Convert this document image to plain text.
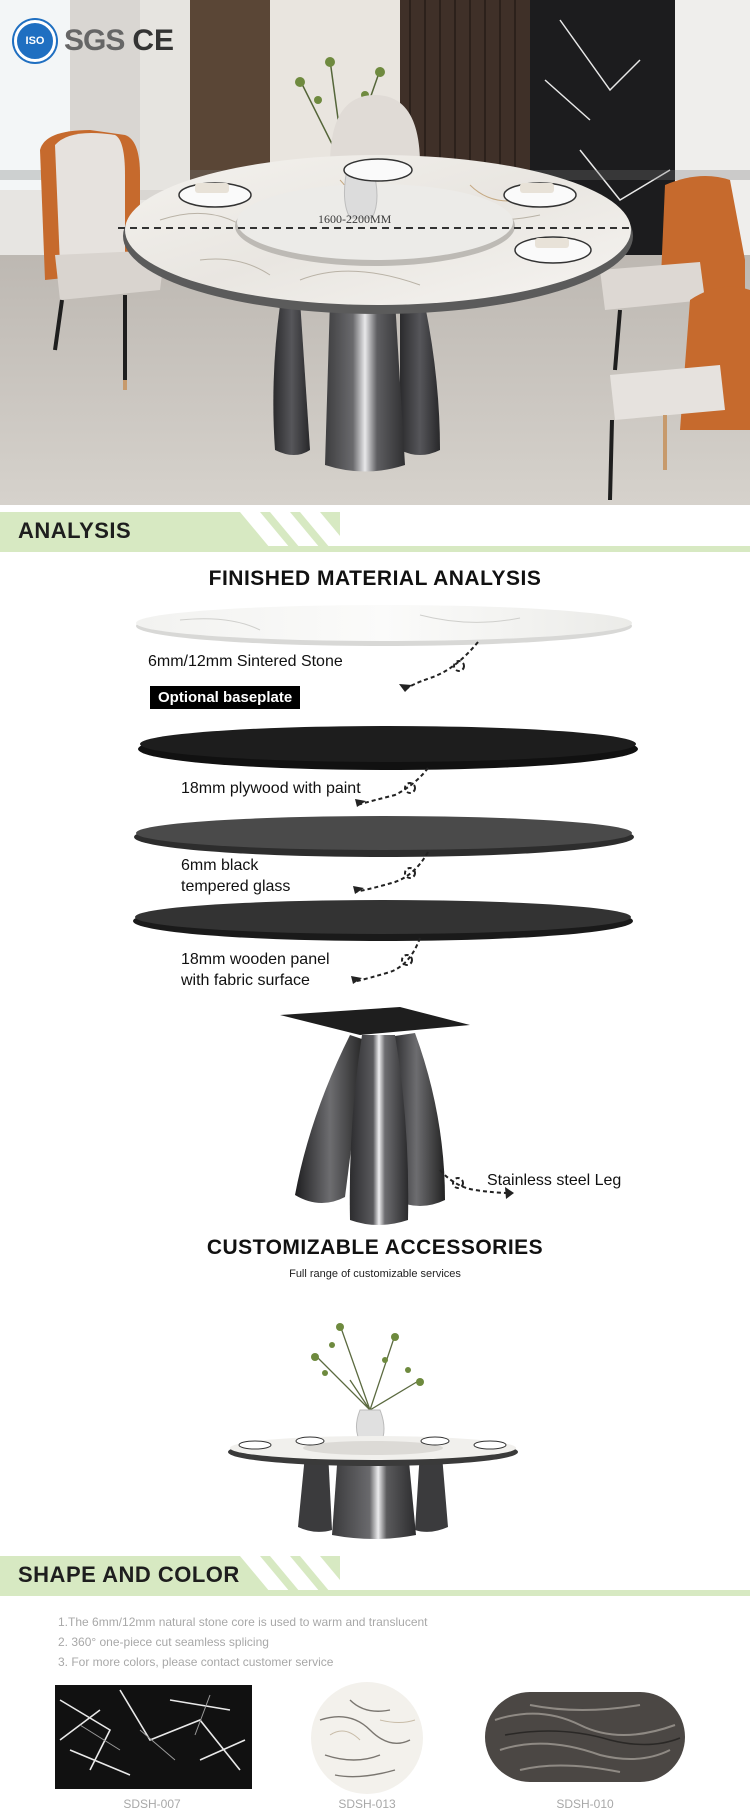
ISO SGS CE
1600-2200MM
ANALYSIS
FINISHED MATERIAL ANALYSIS
6mm/12mm Sintered Stone
Optional baseplate
18mm plywood with paint
6mm black
tempered glass
18mm wooden panel
with fabric surface
Stainless steel Leg
CUSTOMIZABLE ACCESSORIES
Full range of customizable services
SHAPE AND COLOR
1.The 6mm/12mm natural stone core is used to warm and translucent
2. 360° one-piece cut seamless splicing
3. For more colors, please contact customer service
SDSH-007	SDSH-013	SDSH-010
